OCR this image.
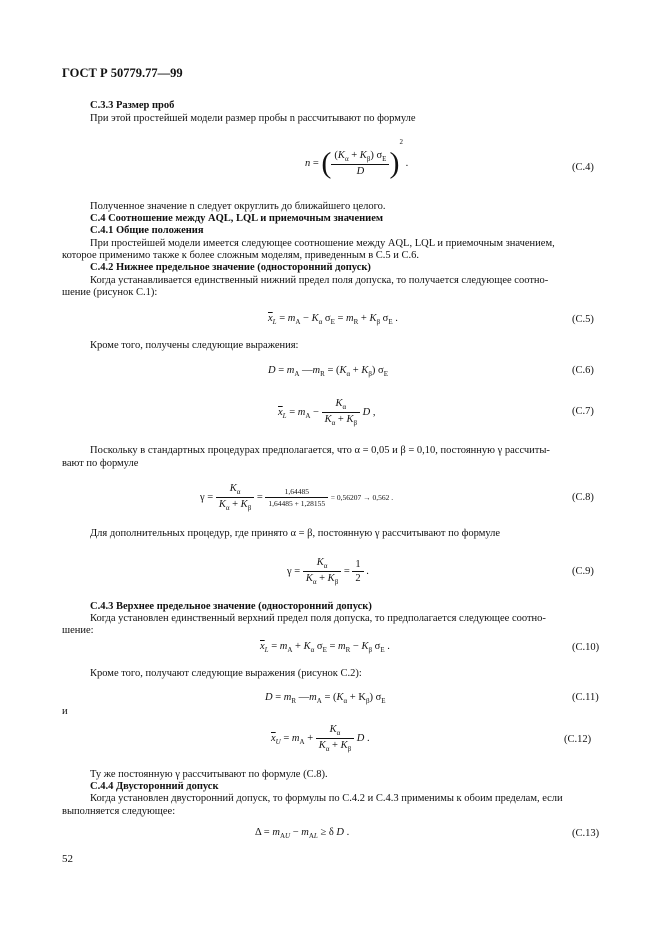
ГОСТ Р 50779.77—99
С.3.3 Размер проб
При этой простейшей модели размер пробы n рассчитывают по формуле
n = ( $\frac{(K_\alpha + K_\beta) \sigma_E}{D} )^2$ .	(С.4)
Полученное значение n следует округлить до ближайшего целого.
С.4 Соотношение между AQL, LQL и приемочным значением
С.4.1 Общие положения
При простейшей модели имеется следующее соотношение между AQL, LQL и приемочным значением,
которое применимо также к более сложным моделям, приведенным в С.5 и С.6.
С.4.2 Нижнее предельное значение (односторонний допуск)
Когда устанавливается единственный нижний предел поля допуска, то получается следующее соотно-
шение (рисунок С.1):
$\overline{x}_L = m_A - K_\alpha$ $\sigma_E = m_R + K_\beta$ $\sigma_E$ .	(С.5)
Кроме того, получены следующие выражения:
$D = m_A$ $—m_R = (K_\alpha + K_\beta)$ $\sigma_E$	(С.6)
$\overline{x}_L = m_A - \frac{K_\alpha}{K_\alpha + K_\beta}$ D ,	(С.7)
Поскольку в стандартных процедурах предполагается, что α = 0,05 и β = 0,10, постоянную γ рассчиты-
вают по формуле
$\gamma = \frac{K_\alpha}{K_\alpha + K_\beta} = \frac{1,64485}{1,64485 + 1,28155} = 0,56207 \to 0,562$ .	(С.8)
Для дополнительных процедур, где принято α = β, постоянную γ рассчитывают по формуле
$\gamma = \frac{K_\alpha}{K_\alpha + K_\beta} = \frac{1}{2}$ .	(С.9)
С.4.3 Верхнее предельное значение (односторонний допуск)
Когда установлен единственный верхний предел поля допуска, то предполагается следующее соотно-
шение:
$\overline{x}_L = m_A + K_\alpha$ $\sigma_E = m_R - K_\beta$ $\sigma_E$ .	(С.10)
Кроме того, получают следующие выражения (рисунок С.2):
$D = m_R$ $—m_A = (K_\alpha + K_\beta)$ $\sigma_E$	(С.11)
и
$\overline{x}_U = m_A + \frac{K_\alpha}{K_\alpha + K_\beta}$ D .	(С.12)
Ту же постоянную γ рассчитывают по формуле (С.8).
С.4.4 Двусторонний допуск
Когда установлен двусторонний допуск, то формулы по С.4.2 и С.4.3 применимы к обоим пределам, если
выполняется следующее:
$\Delta = m_{AU} - m_{AL} \ge \delta$ D .	(С.13)
52
